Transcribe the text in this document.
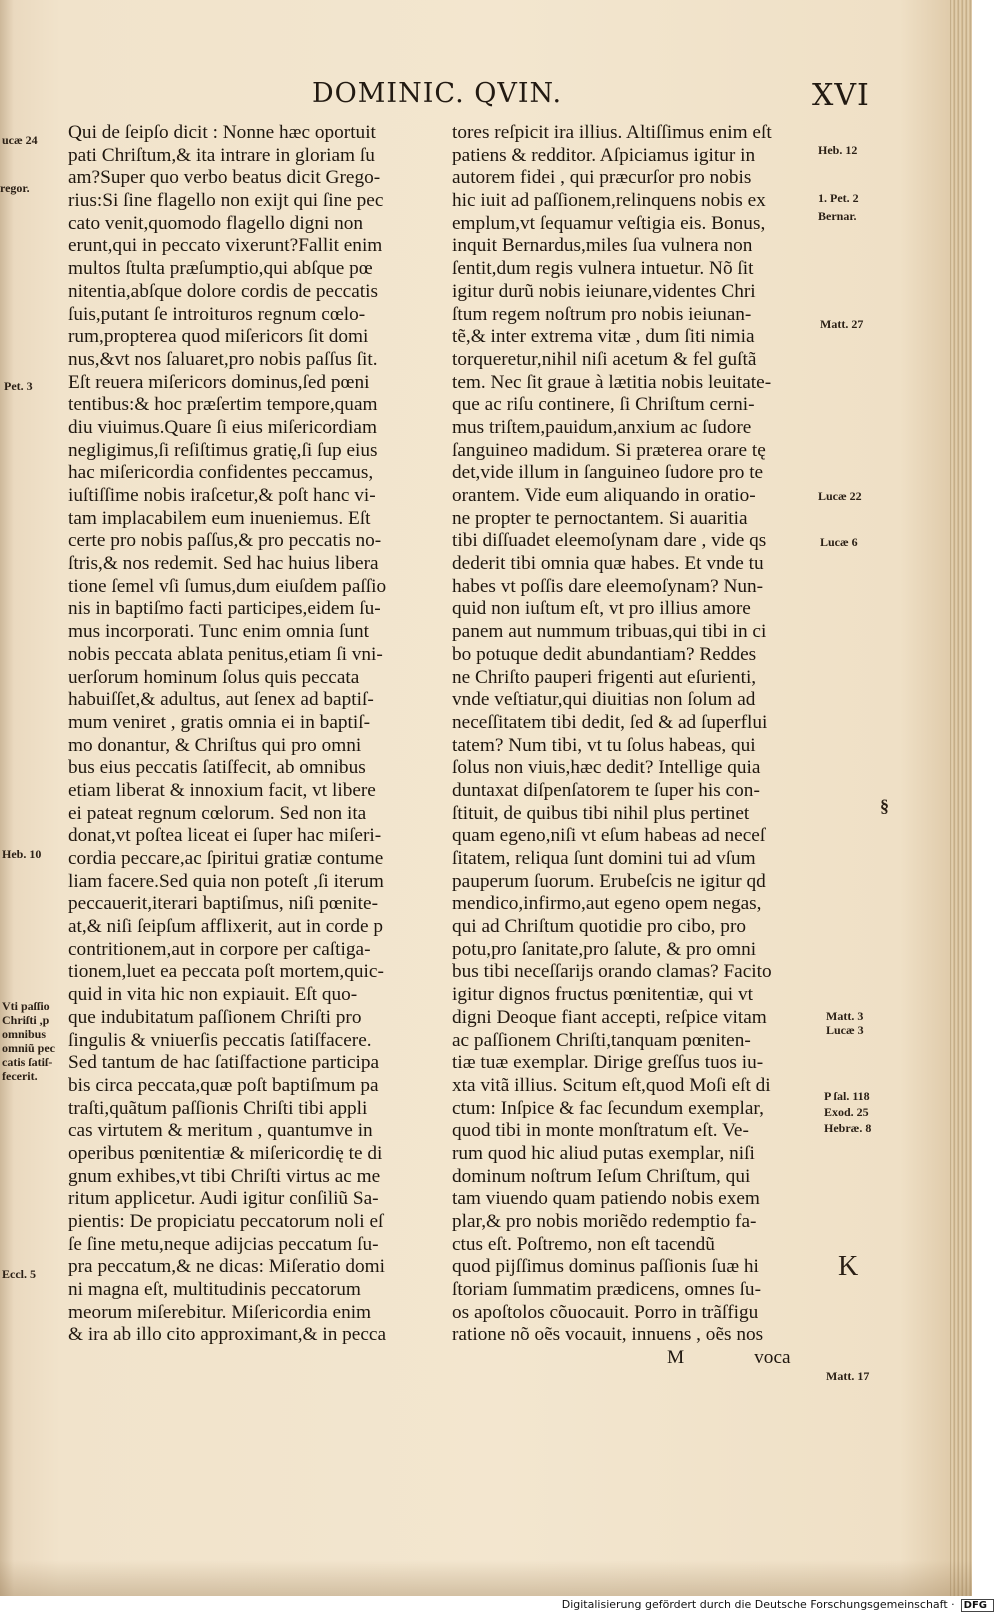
DOMINIC. QVIN.	XVI
Qui de ſeipſo dicit : Nonne hæc oportuit
pati Chriſtum,& ita intrare in gloriam ſu
am?Super quo verbo beatus dicit Grego-
rius:Si ſine flagello non exijt qui ſine pec
cato venit,quomodo flagello digni non
erunt,qui in peccato vixerunt?Fallit enim
multos ſtulta præſumptio,qui abſque pœ
nitentia,abſque dolore cordis de peccatis
ſuis,putant ſe introituros regnum cœlo-
rum,propterea quod miſericors ſit domi
nus,&vt nos ſaluaret,pro nobis paſſus ſit.
Eſt reuera miſericors dominus,ſed pœni
tentibus:& hoc præſertim tempore,quam
diu viuimus.Quare ſi eius miſericordiam
negligimus,ſi reſiſtimus gratię,ſi ſup eius
hac miſericordia confidentes peccamus,
iuſtiſſime nobis iraſcetur,& poſt hanc vi-
tam implacabilem eum inueniemus. Eſt
certe pro nobis paſſus,& pro peccatis no-
ſtris,& nos redemit. Sed hac huius libera
tione ſemel vſi ſumus,dum eiuſdem paſſio
nis in baptiſmo facti participes,eidem ſu-
mus incorporati. Tunc enim omnia ſunt
nobis peccata ablata penitus,etiam ſi vni-
uerſorum hominum ſolus quis peccata
habuiſſet,& adultus, aut ſenex ad baptiſ-
mum veniret , gratis omnia ei in baptiſ-
mo donantur, & Chriſtus qui pro omni
bus eius peccatis ſatiſfecit, ab omnibus
etiam liberat & innoxium facit, vt libere
ei pateat regnum cœlorum. Sed non ita
donat,vt poſtea liceat ei ſuper hac miſeri-
cordia peccare,ac ſpiritui gratiæ contume
liam facere.Sed quia non poteſt ,ſi iterum
peccauerit,iterari baptiſmus, niſi pœnite-
at,& niſi ſeipſum afflixerit, aut in corde p
contritionem,aut in corpore per caſtiga-
tionem,luet ea peccata poſt mortem,quic-
quid in vita hic non expiauit. Eſt quo-
que indubitatum paſſionem Chriſti pro
ſingulis & vniuerſis peccatis ſatiſfacere.
Sed tantum de hac ſatiſfactione participa
bis circa peccata,quæ poſt baptiſmum pa
traſti,quãtum paſſionis Chriſti tibi appli
cas virtutem & meritum , quantumve in
operibus pœnitentiæ & miſericordię te di
gnum exhibes,vt tibi Chriſti virtus ac me
ritum applicetur. Audi igitur conſiliũ Sa-
pientis: De propiciatu peccatorum noli eſ
ſe ſine metu,neque adijcias peccatum ſu-
pra peccatum,& ne dicas: Miſeratio domi
ni magna eſt, multitudinis peccatorum
meorum miſerebitur. Miſericordia enim
& ira ab illo cito approximant,& in pecca
tores reſpicit ira illius. Altiſſimus enim eſt
patiens & redditor. Aſpiciamus igitur in
autorem fidei , qui præcurſor pro nobis
hic iuit ad paſſionem,relinquens nobis ex
emplum,vt ſequamur veſtigia eis. Bonus,
inquit Bernardus,miles ſua vulnera non
ſentit,dum regis vulnera intuetur. Nõ ſit
igitur durũ nobis ieiunare,videntes Chri
ſtum regem noſtrum pro nobis ieiunan-
tẽ,& inter extrema vitæ , dum ſiti nimia
torqueretur,nihil niſi acetum & fel guſtã
tem. Nec ſit graue à lætitia nobis leuitate-
que ac riſu continere, ſi Chriſtum cerni-
mus triſtem,pauidum,anxium ac ſudore
ſanguineo madidum. Si præterea orare tę
det,vide illum in ſanguineo ſudore pro te
orantem. Vide eum aliquando in oratio-
ne propter te pernoctantem. Si auaritia
tibi diſſuadet eleemoſynam dare , vide qs
dederit tibi omnia quæ habes. Et vnde tu
habes vt poſſis dare eleemoſynam? Nun-
quid non iuſtum eſt, vt pro illius amore
panem aut nummum tribuas,qui tibi in ci
bo potuque dedit abundantiam? Reddes
ne Chriſto pauperi frigenti aut eſurienti,
vnde veſtiatur,qui diuitias non ſolum ad
neceſſitatem tibi dedit, ſed & ad ſuperflui
tatem? Num tibi, vt tu ſolus habeas, qui
ſolus non viuis,hæc dedit? Intellige quia
duntaxat diſpenſatorem te ſuper his con-
ſtituit, de quibus tibi nihil plus pertinet
quam egeno,niſi vt eſum habeas ad neceſ
ſitatem, reliqua ſunt domini tui ad vſum
pauperum ſuorum. Erubeſcis ne igitur qd
mendico,infirmo,aut egeno opem negas,
qui ad Chriſtum quotidie pro cibo, pro
potu,pro ſanitate,pro ſalute, & pro omni
bus tibi neceſſarijs orando clamas? Facito
igitur dignos fructus pœnitentiæ, qui vt
digni Deoque fiant accepti, reſpice vitam
ac paſſionem Chriſti,tanquam pœniten-
tiæ tuæ exemplar. Dirige greſſus tuos iu-
xta vitã illius. Scitum eſt,quod Moſi eſt di
ctum: Inſpice & fac ſecundum exemplar,
quod tibi in monte monſtratum eſt. Ve-
rum quod hic aliud putas exemplar, niſi
dominum noſtrum Ieſum Chriſtum, qui
tam viuendo quam patiendo nobis exem
plar,& pro nobis moriẽdo redemptio fa-
ctus eſt. Poſtremo, non eſt tacendũ
quod pijſſimus dominus paſſionis ſuæ hi
ſtoriam ſummatim prædicens, omnes ſu-
os apoſtolos cõuocauit. Porro in trãſfigu
ratione nõ oẽs vocauit, innuens , oẽs nos
M	voca
ucæ 24
regor.
Pet. 3
Heb. 10
Vti paſſio
Chriſti ,p
omnibus
omniũ pec
catis ſatiſ-
fecerit.
Eccl. 5
Heb. 12
1. Pet. 2
Bernar.
Matt. 27
Lucæ 22
Lucæ 6
Matt. 3
Lucæ 3
P ſal. 118
Exod. 25
Hebræ. 8
K
Matt. 17
§
Digitalisierung gefördert durch die Deutsche Forschungsgemeinschaft · DFG
